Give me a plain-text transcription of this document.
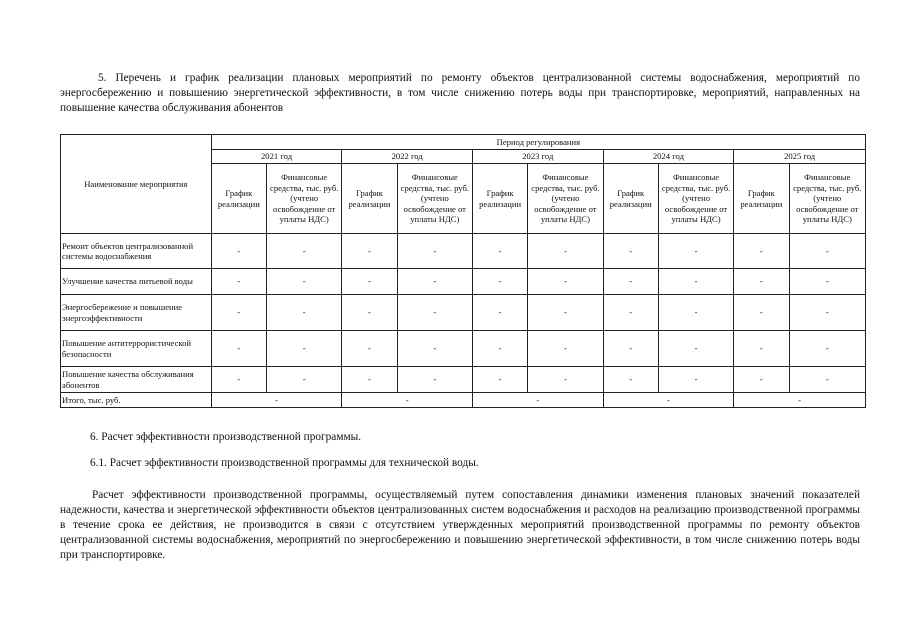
5. Перечень и график реализации плановых мероприятий по ремонту объектов централизованной системы водоснабжения, мероприятий по энергосбережению и повышению энергетической эффективности, в том числе снижению потерь воды при транспортировке, мероприятий, направленных на повышение качества обслуживания абонентов
Наименование мероприятия	Период регулирования									
	2021 год		2022 год		2023 год		2024 год		2025 год	
	График реализации	Финансовые средства, тыс. руб. (учтено освобождение от уплаты НДС)	График реализации	Финансовые средства, тыс. руб. (учтено освобождение от уплаты НДС)	График реализации	Финансовые средства, тыс. руб. (учтено освобождение от уплаты НДС)	График реализации	Финансовые средства, тыс. руб. (учтено освобождение от уплаты НДС)	График реализации	Финансовые средства, тыс. руб. (учтено освобождение от уплаты НДС)
Ремонт объектов централизованной системы водоснабжения	-	-	-	-	-	-	-	-	-	-
Улучшение качества питьевой воды	-	-	-	-	-	-	-	-	-	-
Энергосбережение и повышение энергоэффективности	-	-	-	-	-	-	-	-	-	-
Повышение антитеррористической безопасности	-	-	-	-	-	-	-	-	-	-
Повышение качества обслуживания абонентов	-	-	-	-	-	-	-	-	-	-
Итого, тыс. руб.	-		-		-		-		-	
6. Расчет эффективности производственной программы.
6.1. Расчет эффективности производственной программы для технической воды.
Расчет эффективности производственной программы, осуществляемый путем сопоставления динамики изменения плановых значений показателей надежности, качества и энергетической эффективности объектов централизованных систем водоснабжения и расходов на реализацию производственной программы в течение срока ее действия, не производится в связи с отсутствием утвержденных мероприятий производственной программы по ремонту объектов централизованной системы водоснабжения, мероприятий по энергосбережению и повышению энергетической эффективности, в том числе снижению потерь воды при транспортировке.
